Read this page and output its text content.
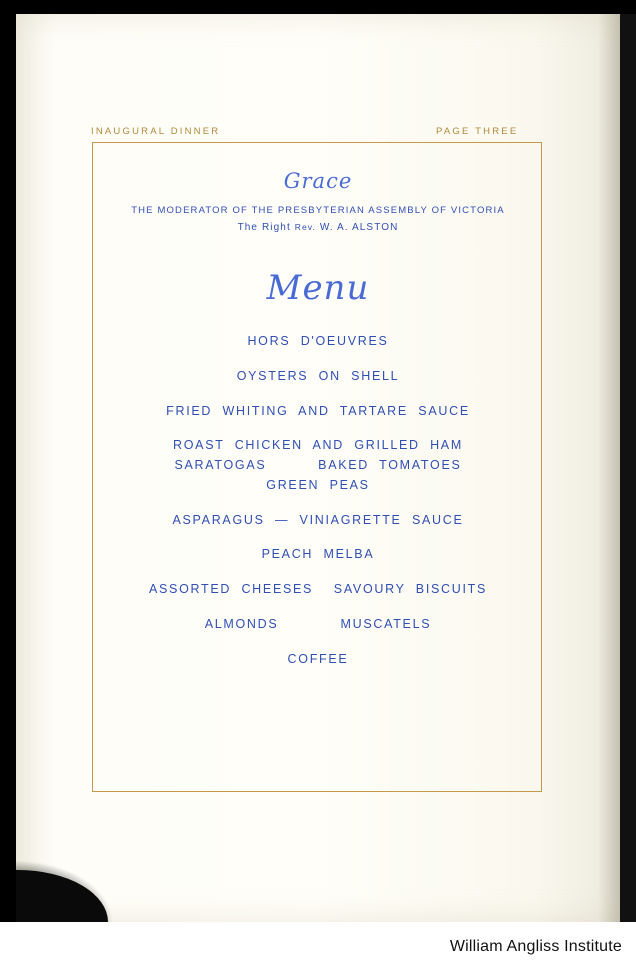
INAUGURAL DINNER	PAGE THREE
Grace
THE MODERATOR OF THE PRESBYTERIAN ASSEMBLY OF VICTORIA
The Right Rev. W. A. ALSTON
Menu
HORS  D'OEUVRES
OYSTERS  ON  SHELL
FRIED  WHITING  AND  TARTARE  SAUCE
ROAST  CHICKEN  AND  GRILLED  HAM
SARATOGAS          BAKED  TOMATOES
GREEN  PEAS
ASPARAGUS  —  VINIAGRETTE  SAUCE
PEACH  MELBA
ASSORTED  CHEESES    SAVOURY  BISCUITS
ALMONDS            MUSCATELS
COFFEE
William Angliss Institute
